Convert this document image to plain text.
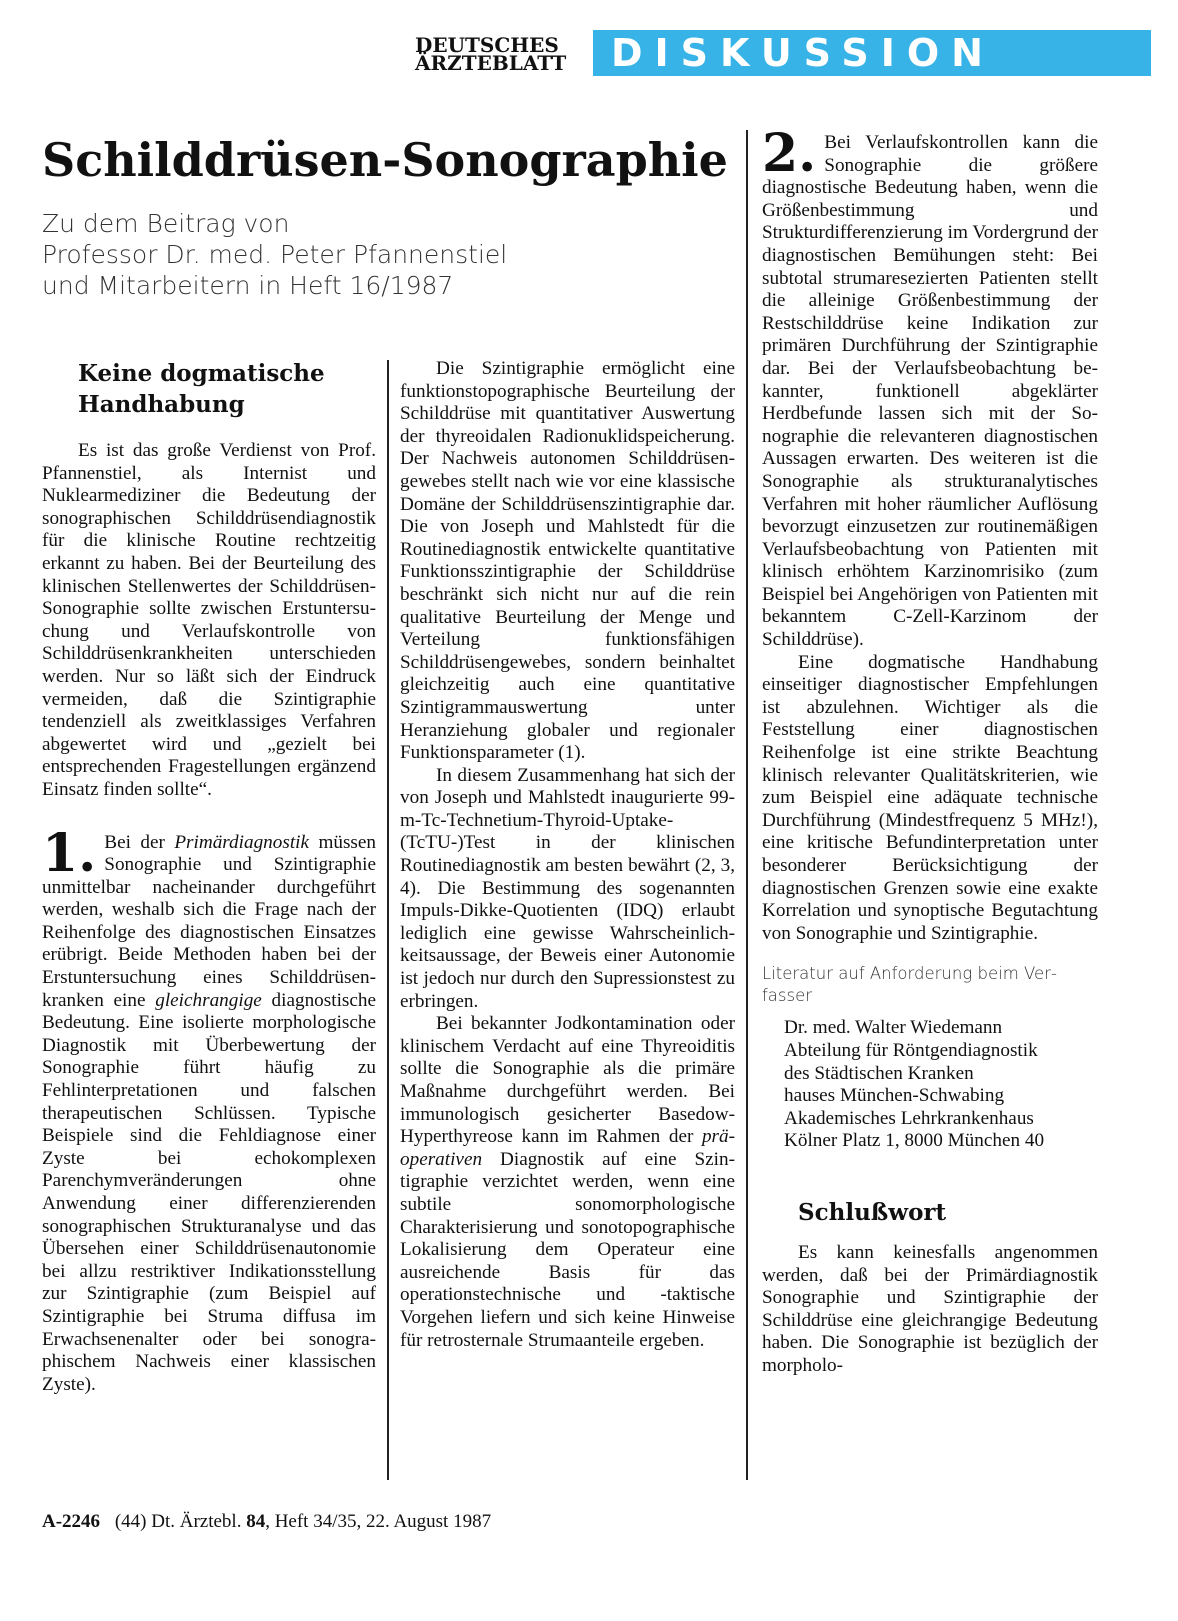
DEUTSCHES
ÄRZTEBLATT	DISKUSSION
Schilddrüsen-Sonographie
Zu dem Beitrag von
Professor Dr. med. Peter Pfannenstiel
und Mitarbeitern in Heft 16/1987
Keine dogmatische
Handhabung

Es ist das große Verdienst von Prof. Pfannenstiel, als Internist und Nuklearmediziner die Bedeutung der sonographischen Schilddrüsendiagnostik für die klinische Routine rechtzeitig erkannt zu haben. Bei der Beurteilung des klinischen Stellenwertes der Schilddrüsen-Sonographie sollte zwischen Erstuntersuchung und Verlaufskontrolle von Schilddrüsenkrankheiten unterschieden werden. Nur so läßt sich der Eindruck vermeiden, daß die Szintigraphie tendenziell als zweitklassiges Verfahren abgewertet wird und „gezielt bei entsprechenden Fragestellungen ergänzend Einsatz finden sollte“.

1. Bei der Primärdiagnostik müssen Sonographie und Szintigraphie unmittelbar nacheinander durchgeführt werden, weshalb sich die Frage nach der Reihenfolge des diagnostischen Einsatzes erübrigt. Beide Methoden haben bei der Erstuntersuchung eines Schilddrüsenkranken eine gleichrangige diagnostische Bedeutung. Eine isolierte morphologische Diagnostik mit Überbewertung der Sonographie führt häufig zu Fehlinterpretationen und falschen therapeutischen Schlüssen. Typische Beispiele sind die Fehldiagnose einer Zyste bei echokomplexen Parenchymveränderungen ohne Anwendung einer differenzierenden sonographischen Strukturanalyse und das Übersehen einer Schilddrüsenautonomie bei allzu restriktiver Indikationsstellung zur Szintigraphie (zum Beispiel auf Szintigraphie bei Struma diffusa im Erwachsenenalter oder bei sonographischem Nachweis einer klassischen Zyste).

Die Szintigraphie ermöglicht eine funktionstopographische Beurteilung der Schilddrüse mit quantitativer Auswertung der thyreoidalen Radionuklidspeicherung. Der Nachweis autonomen Schilddrüsengewebes stellt nach wie vor eine klassische Domäne der Schilddrüsenszintigraphie dar. Die von Joseph und Mahlstedt für die Routinediagnostik entwickelte quantitative Funktionsszintigraphie der Schilddrüse beschränkt sich nicht nur auf die rein qualitative Beurteilung der Menge und Verteilung funktionsfähigen Schilddrüsengewebes, sondern beinhaltet gleichzeitig auch eine quantitative Szintigrammauswertung unter Heranziehung globaler und regionaler Funktionsparameter (1).

In diesem Zusammenhang hat sich der von Joseph und Mahlstedt inaugurierte 99-m-Tc-Technetium-Thyroid-Uptake-(TcTU-)Test in der klinischen Routinediagnostik am besten bewährt (2, 3, 4). Die Bestimmung des sogenannten Impuls-Dikke-Quotienten (IDQ) erlaubt lediglich eine gewisse Wahrscheinlichkeitsaussage, der Beweis einer Autonomie ist jedoch nur durch den Supressionstest zu erbringen.

Bei bekannter Jodkontamination oder klinischem Verdacht auf eine Thyreoiditis sollte die Sonographie als die primäre Maßnahme durchgeführt werden. Bei immunologisch gesicherter Basedow-Hyperthyreose kann im Rahmen der präoperativen Diagnostik auf eine Szintigraphie verzichtet werden, wenn eine subtile sonomorphologische Charakterisierung und sonotopographische Lokalisierung dem Operateur eine ausreichende Basis für das operationstechnische und -taktische Vorgehen liefern und sich keine Hinweise für retrosternale Strumaanteile ergeben.

2. Bei Verlaufskontrollen kann die Sonographie die größere diagnostische Bedeutung haben, wenn die Größenbestimmung und Strukturdifferenzierung im Vordergrund der diagnostischen Bemühungen steht: Bei subtotal strumaresezierten Patienten stellt die alleinige Größenbestimmung der Restschilddrüse keine Indikation zur primären Durchführung der Szintigraphie dar. Bei der Verlaufsbeobachtung bekannter, funktionell abgeklärter Herdbefunde lassen sich mit der Sonographie die relevanteren diagnostischen Aussagen erwarten. Des weiteren ist die Sonographie als strukturanalytisches Verfahren mit hoher räumlicher Auflösung bevorzugt einzusetzen zur routinemäßigen Verlaufsbeobachtung von Patienten mit klinisch erhöhtem Karzinomrisiko (zum Beispiel bei Angehörigen von Patienten mit bekanntem C-Zell-Karzinom der Schilddrüse).

Eine dogmatische Handhabung einseitiger diagnostischer Empfehlungen ist abzulehnen. Wichtiger als die Feststellung einer diagnostischen Reihenfolge ist eine strikte Beachtung klinisch relevanter Qualitätskriterien, wie zum Beispiel eine adäquate technische Durchführung (Mindestfrequenz 5 MHz!), eine kritische Befundinterpretation unter besonderer Berücksichtigung der diagnostischen Grenzen sowie eine exakte Korrelation und synoptische Begutachtung von Sonographie und Szintigraphie.

Literatur auf Anforderung beim Verfasser

Dr. med. Walter Wiedemann
Abteilung für Röntgendiagnostik
des Städtischen Kranken
hauses München-Schwabing
Akademisches Lehrkrankenhaus
Kölner Platz 1, 8000 München 40
Schlußwort

Es kann keinesfalls angenommen werden, daß bei der Primärdiagnostik Sonographie und Szintigraphie der Schilddrüse eine gleichrangige Bedeutung haben. Die Sonographie ist bezüglich der morpholo-

A-2246 (44) Dt. Ärztebl. 84, Heft 34/35, 22. August 1987
